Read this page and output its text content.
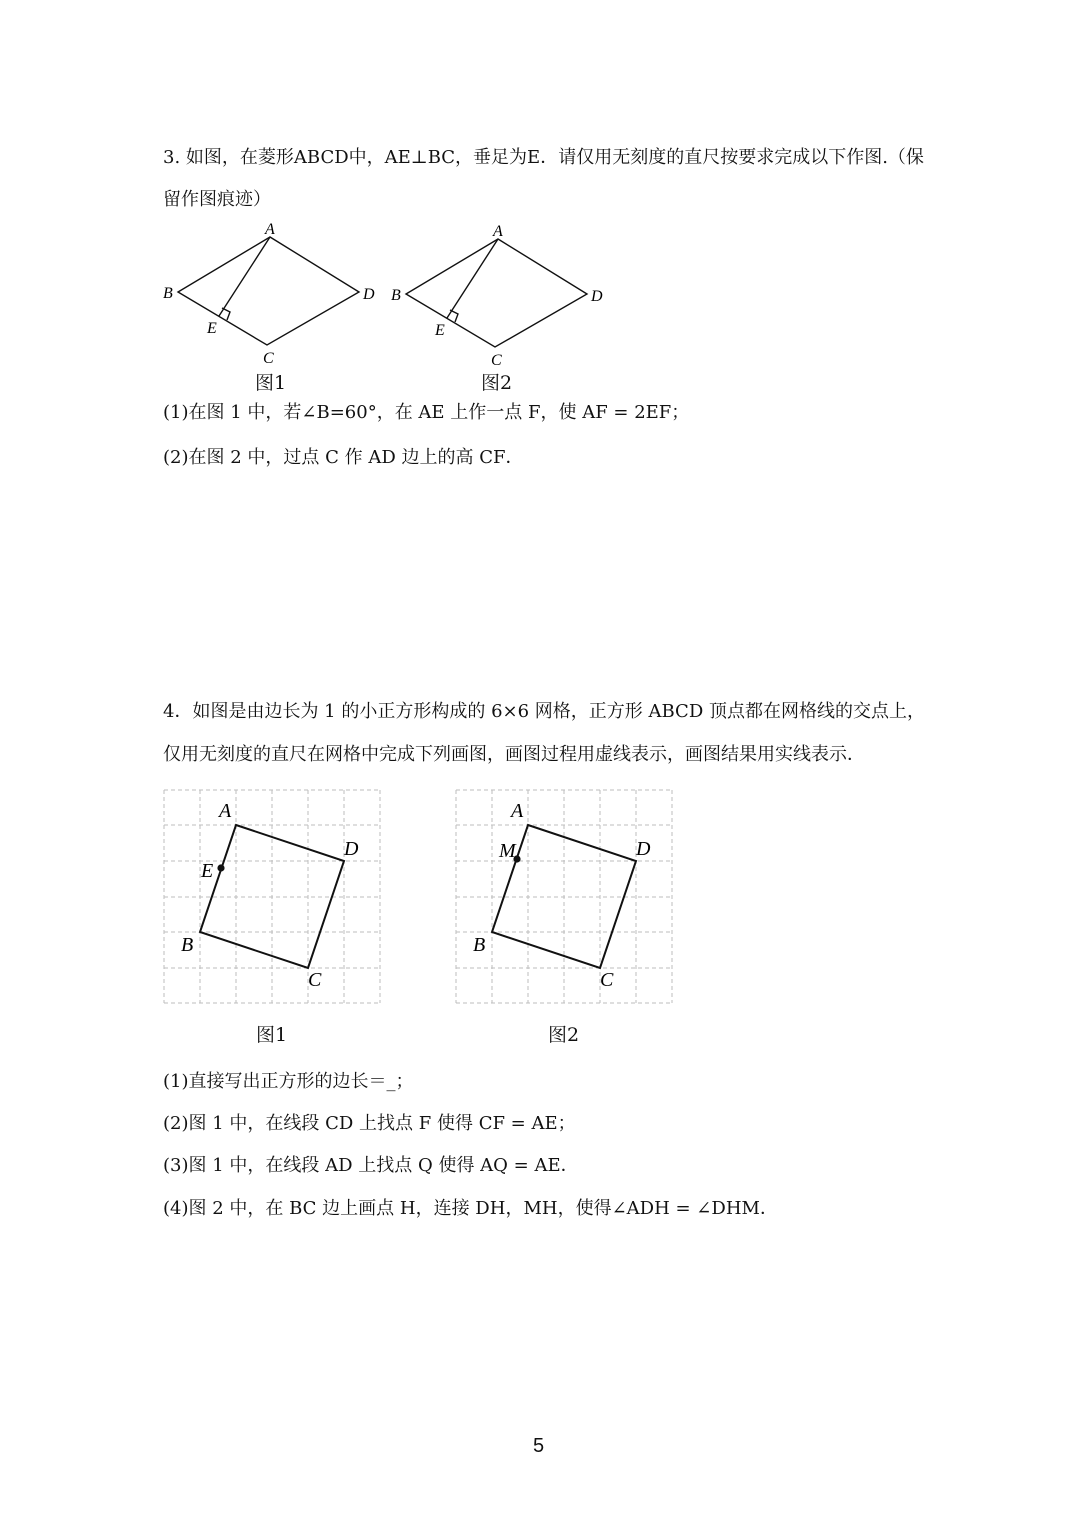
3. 如图，在菱形ABCD中，AE⊥BC，垂足为E．请仅用无刻度的直尺按要求完成以下作图.（保
留作图痕迹）
A
B
C
D
E
图1
A
B
C
D
E
图2
(1)在图 1 中，若∠B=60°，在 AE 上作一点 F，使 AF = 2EF；
(2)在图 2 中，过点 C 作 AD 边上的高 CF．
4．如图是由边长为 1 的小正方形构成的 6×6 网格，正方形 ABCD 顶点都在网格线的交点上，
仅用无刻度的直尺在网格中完成下列画图，画图过程用虚线表示，画图结果用实线表示．
A
B
C
D
E
图1
A
B
C
D
M
图2
(1)直接写出正方形的边长＝_；
(2)图 1 中，在线段 CD 上找点 F 使得 CF = AE；
(3)图 1 中，在线段 AD 上找点 Q 使得 AQ = AE．
(4)图 2 中，在 BC 边上画点 H，连接 DH，MH，使得∠ADH = ∠DHM．
5
